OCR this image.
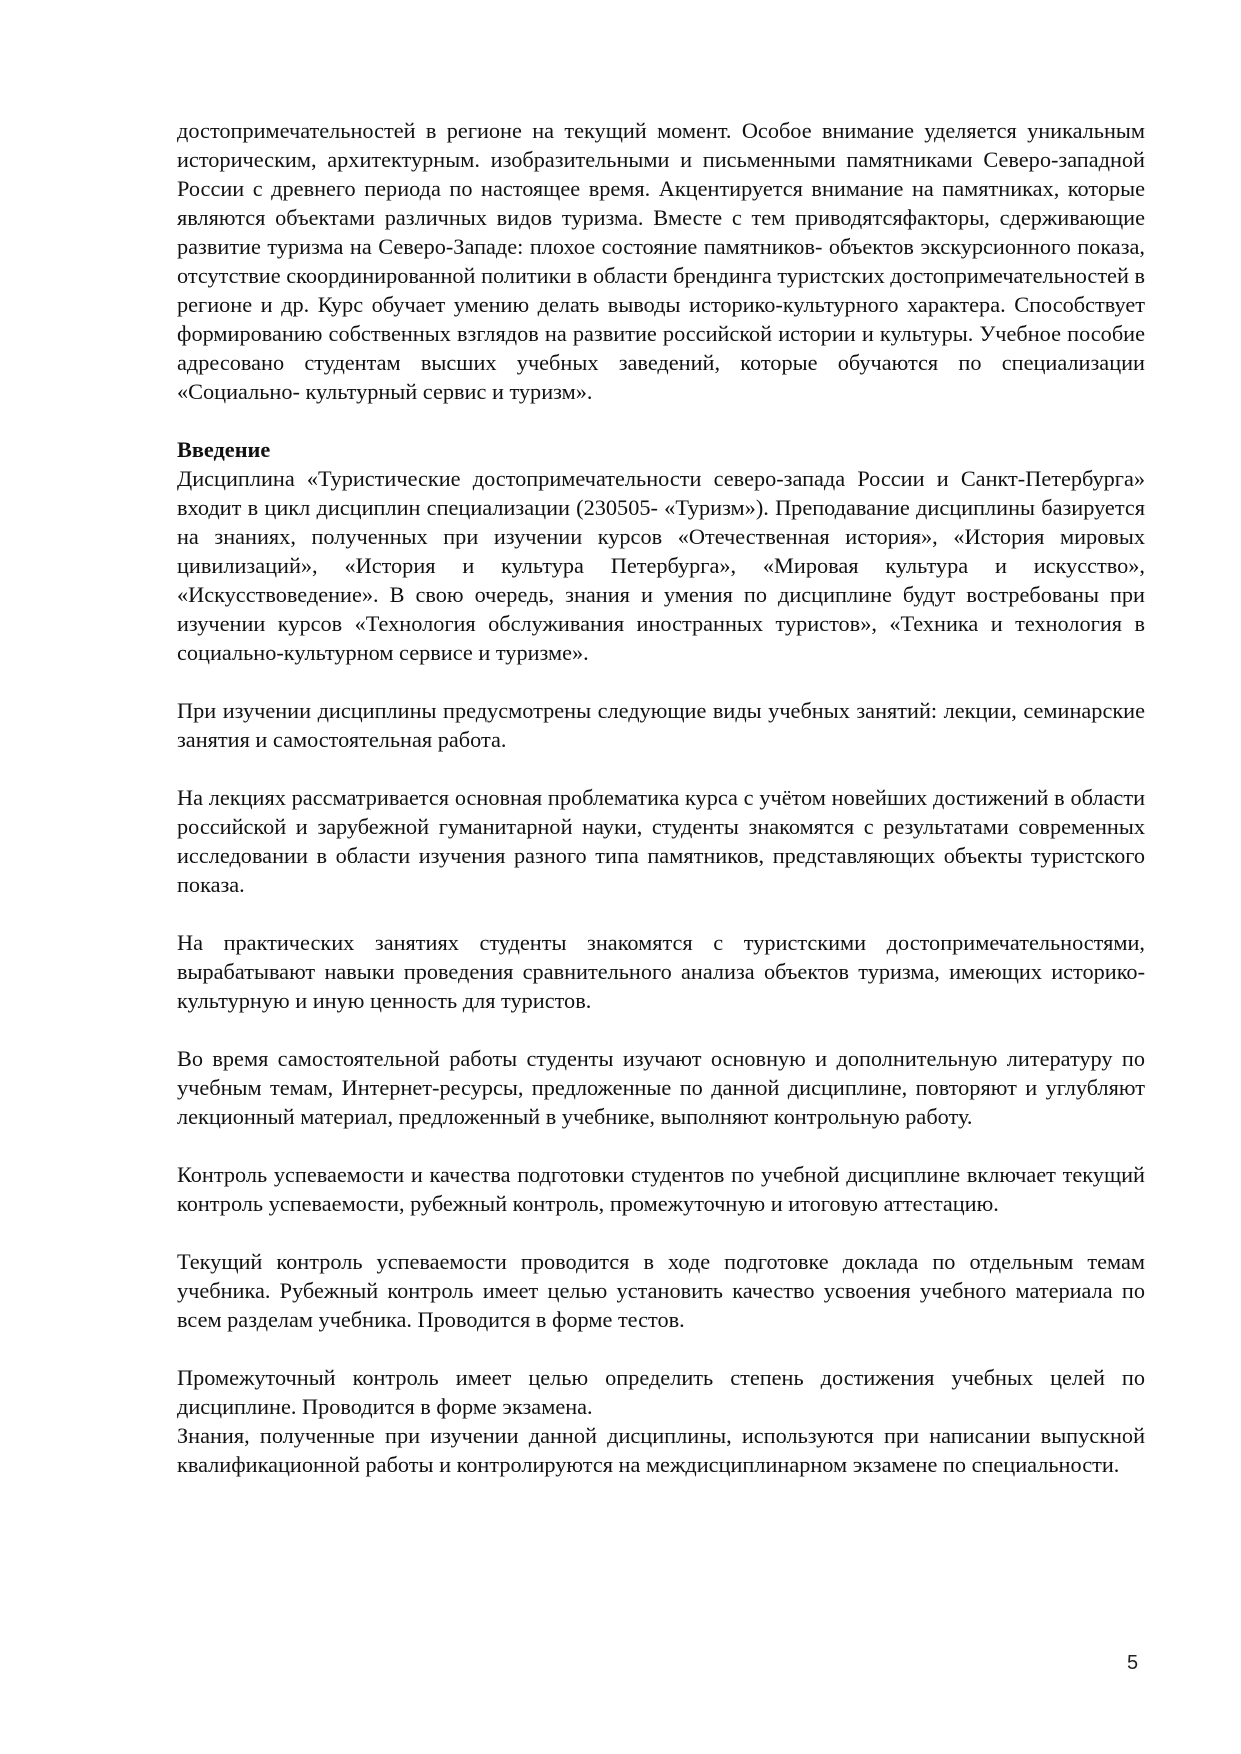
достопримечательностей в регионе на текущий момент. Особое внимание уделяется уникальным историческим, архитектурным. изобразительными и письменными памятниками Северо-западной России с древнего периода по настоящее время. Акцентируется внимание на памятниках, которые являются объектами различных видов туризма. Вместе с тем приводятсяфакторы, сдерживающие развитие туризма на Северо-Западе: плохое состояние памятников- объектов экскурсионного показа, отсутствие скоординированной политики в области брендинга туристских достопримечательностей в регионе и др. Курс обучает умению делать выводы историко-культурного характера. Способствует формированию собственных взглядов на развитие российской истории и культуры. Учебное пособие адресовано студентам высших учебных заведений, которые обучаются по специализации «Социально- культурный сервис и туризм».

Введение

Дисциплина «Туристические достопримечательности северо-запада России и Санкт-Петербурга» входит в цикл дисциплин специализации (230505- «Туризм»). Преподавание дисциплины базируется на знаниях, полученных при изучении курсов «Отечественная история», «История мировых цивилизаций», «История и культура Петербурга», «Мировая культура и искусство», «Искусствоведение». В свою очередь, знания и умения по дисциплине будут востребованы при изучении курсов «Технология обслуживания иностранных туристов», «Техника и технология в социально-культурном сервисе и туризме».

При изучении дисциплины предусмотрены следующие виды учебных занятий: лекции, семинарские занятия и самостоятельная работа.

На лекциях рассматривается основная проблематика курса с учётом новейших достижений в области российской и зарубежной гуманитарной науки, студенты знакомятся с результатами современных исследовании в области изучения разного типа памятников, представляющих объекты туристского показа.

На практических занятиях студенты знакомятся с туристскими достопримечательностями, вырабатывают навыки проведения сравнительного анализа объектов туризма, имеющих историко-культурную и иную ценность для туристов.

Во время самостоятельной работы студенты изучают основную и дополнительную литературу по учебным темам, Интернет-ресурсы, предложенные по данной дисциплине, повторяют и углубляют лекционный материал, предложенный в учебнике, выполняют контрольную работу.

Контроль успеваемости и качества подготовки студентов по учебной дисциплине включает текущий контроль успеваемости, рубежный контроль, промежуточную и итоговую аттестацию.

Текущий контроль успеваемости проводится в ходе подготовке доклада по отдельным темам учебника. Рубежный контроль имеет целью установить качество усвоения учебного материала по всем разделам учебника. Проводится в форме тестов.

Промежуточный контроль имеет целью определить степень достижения учебных целей по дисциплине. Проводится в форме экзамена.

Знания, полученные при изучении данной дисциплины, используются при написании выпускной квалификационной работы и контролируются на междисциплинарном экзамене по специальности.

5
